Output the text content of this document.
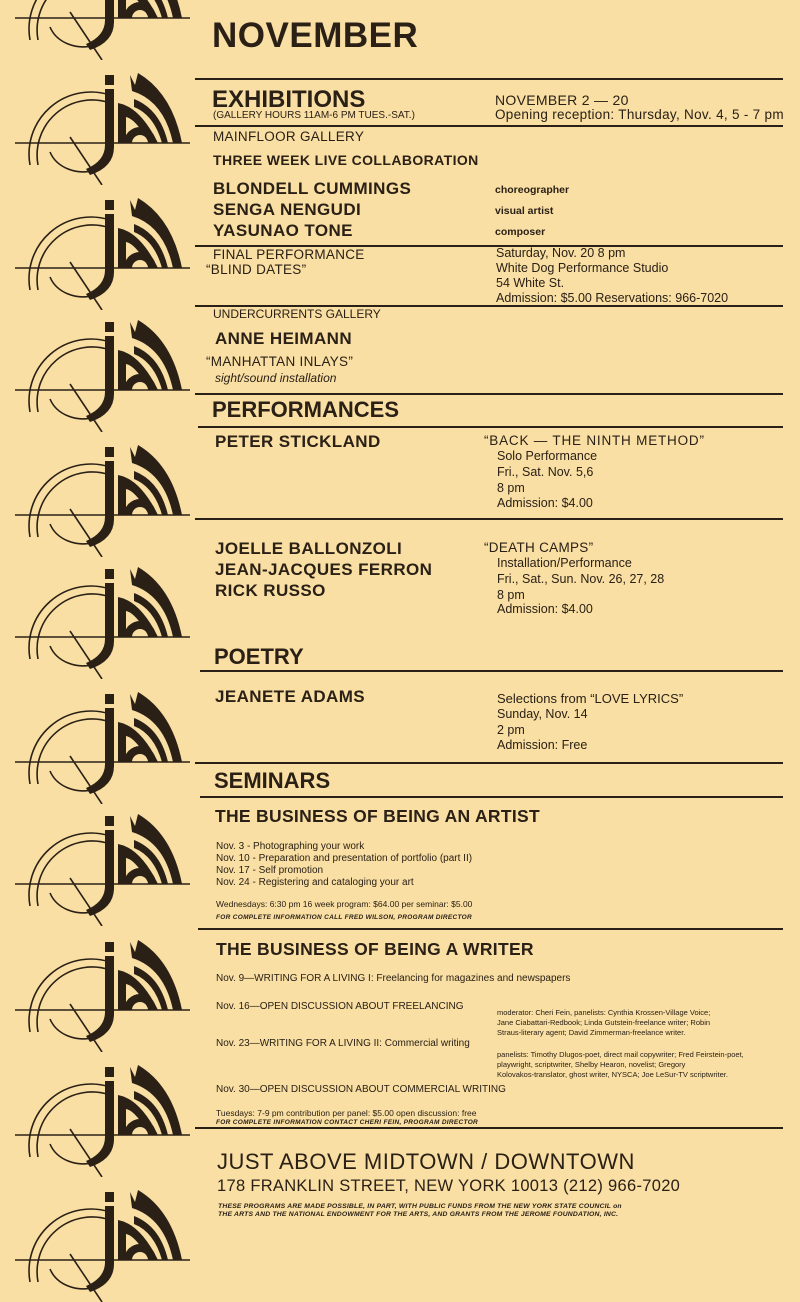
NOVEMBER
EXHIBITIONS
(GALLERY HOURS 11AM-6 PM TUES.-SAT.)
NOVEMBER 2 — 20
Opening reception: Thursday, Nov. 4, 5 - 7 pm
MAINFLOOR GALLERY
THREE WEEK LIVE COLLABORATION
BLONDELL CUMMINGS
SENGA NENGUDI
YASUNAO TONE
choreographer
visual artist
composer
FINAL PERFORMANCE
“BLIND DATES”
Saturday, Nov. 20 8 pm
White Dog Performance Studio
54 White St.
Admission: $5.00 Reservations: 966-7020
UNDERCURRENTS GALLERY
ANNE HEIMANN
“MANHATTAN INLAYS”
sight/sound installation
PERFORMANCES
PETER STICKLAND	“BACK — THE NINTH METHOD”
Solo Performance
Fri., Sat. Nov. 5,6
8 pm
Admission: $4.00
JOELLE BALLONZOLI
JEAN-JACQUES FERRON
RICK RUSSO
“DEATH CAMPS”
Installation/Performance
Fri., Sat., Sun. Nov. 26, 27, 28
8 pm
Admission: $4.00
POETRY
JEANETE ADAMS	Selections from “LOVE LYRICS”
Sunday, Nov. 14
2 pm
Admission: Free
SEMINARS
THE BUSINESS OF BEING AN ARTIST
Nov. 3 - Photographing your work
Nov. 10 - Preparation and presentation of portfolio (part II)
Nov. 17 - Self promotion
Nov. 24 - Registering and cataloging your art
Wednesdays: 6:30 pm 16 week program: $64.00 per seminar: $5.00
FOR COMPLETE INFORMATION CALL FRED WILSON, PROGRAM DIRECTOR
THE BUSINESS OF BEING A WRITER
Nov. 9—WRITING FOR A LIVING I: Freelancing for magazines and newspapers
Nov. 16—OPEN DISCUSSION ABOUT FREELANCING
Nov. 23—WRITING FOR A LIVING II: Commercial writing
Nov. 30—OPEN DISCUSSION ABOUT COMMERCIAL WRITING
moderator: Cheri Fein, panelists: Cynthia Krossen-Village Voice;
Jane Ciabattari-Redbook; Linda Gutstein-freelance writer; Robin
Straus-literary agent; David Zimmerman-freelance writer.
panelists: Timothy Dlugos-poet, direct mail copywriter; Fred Feirstein-poet,
playwright, scriptwriter, Shelby Hearon, novelist; Gregory
Kolovakos-translator, ghost writer, NYSCA; Joe LeSur-TV scriptwriter.
Tuesdays: 7-9 pm contribution per panel: $5.00 open discussion: free
FOR COMPLETE INFORMATION CONTACT CHERI FEIN, PROGRAM DIRECTOR
JUST ABOVE MIDTOWN / DOWNTOWN
178 FRANKLIN STREET, NEW YORK 10013 (212) 966-7020
THESE PROGRAMS ARE MADE POSSIBLE, IN PART, WITH PUBLIC FUNDS FROM THE NEW YORK STATE COUNCIL on
THE ARTS AND THE NATIONAL ENDOWMENT FOR THE ARTS, AND GRANTS FROM THE JEROME FOUNDATION, INC.
